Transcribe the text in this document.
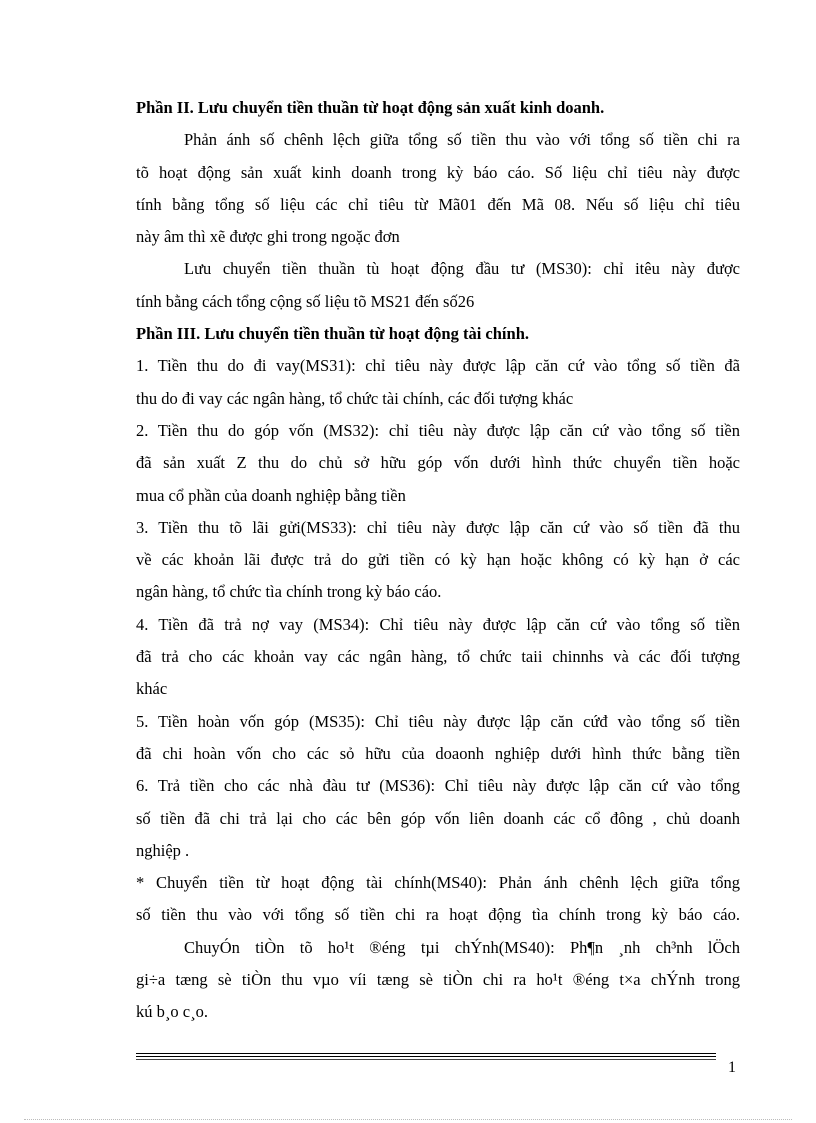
Phần II. Lưu chuyển tiền thuần từ hoạt động sản xuất kinh doanh.
Phản ánh số chênh lệch giữa tổng số tiền thu vào với tổng số tiền chi ra
tõ hoạt động sản xuất kinh doanh trong kỳ báo cáo. Số liệu chỉ tiêu này được
tính bằng tổng số liệu các chỉ tiêu từ Mã01 đến Mã 08. Nếu số liệu chỉ tiêu
này âm thì xẽ được ghi trong ngoặc đơn
Lưu chuyển tiền thuần tù hoạt động đầu tư (MS30): chỉ itêu này được
tính bằng cách tổng cộng số liệu tõ MS21 đến số26
Phần III. Lưu chuyển tiền thuần từ hoạt động tài chính.
1. Tiền thu do đi vay(MS31): chỉ tiêu này được lập căn cứ vào tổng số tiền đã
thu do đi vay các ngân hàng, tổ chức tài chính, các đối tượng khác
2. Tiền thu do góp vốn (MS32): chỉ tiêu này được lập căn cứ vào tổng số tiền
đã sản xuất Z thu do chủ sở hữu góp vốn dưới hình thức chuyển tiền hoặc
mua cổ phần của doanh nghiệp bằng tiền
3. Tiền thu tõ lãi gửi(MS33): chỉ tiêu này được lập căn cứ vào số tiền đã thu
về các khoản lãi được trả do gửi tiền có kỳ hạn hoặc không có kỳ hạn ở các
ngân hàng, tổ chức tìa chính trong kỳ báo cáo.
4. Tiền đã trả nợ vay (MS34): Chỉ tiêu này được lập căn cứ vào tổng số tiền
đã trả cho các khoản vay các ngân hàng, tổ chức taii chinnhs và các đối tượng
khác
5. Tiền hoàn vốn góp (MS35): Chỉ tiêu này được lập căn cứđ vào tổng số tiền
đã chi hoàn vốn cho các sỏ hữu của doaonh nghiệp dưới hình thức bằng tiền
6. Trả tiền cho các nhà đàu tư (MS36): Chỉ tiêu này được lập căn cứ vào tổng
số tiền đã chi trả lại cho các bên góp vốn liên doanh các cổ đông , chủ doanh
nghiệp .
* Chuyển tiền từ hoạt động tài chính(MS40): Phản ánh chênh lệch giữa tổng
số tiền thu vào với tổng số tiền chi ra hoạt động tìa chính trong kỳ báo cáo.
ChuyÓn tiÒn tõ ho¹t ®éng tµi chÝnh(MS40): Ph¶n ¸nh ch³nh lÖch
gi÷a tæng sè tiÒn thu vµo víi tæng sè tiÒn chi ra ho¹t ®éng t×a chÝnh trong
kú b¸o c¸o.
1
